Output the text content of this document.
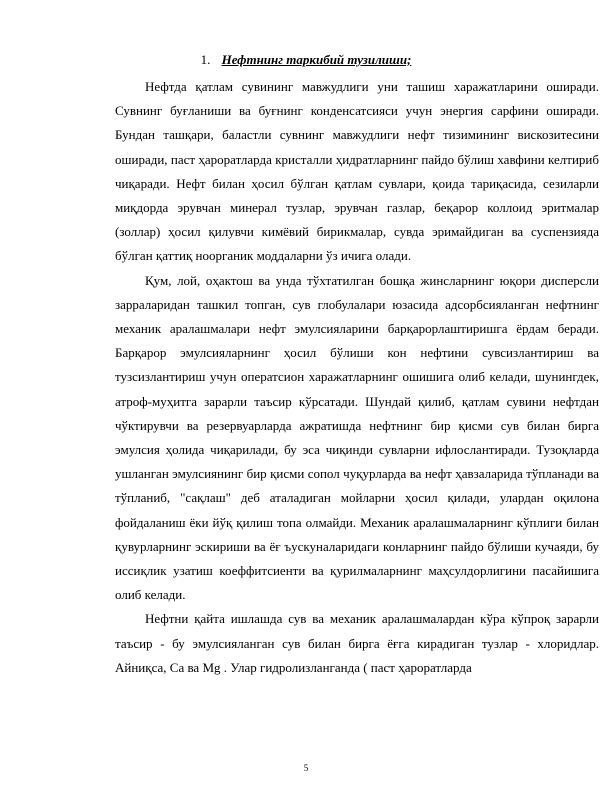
1. Нефтнинг таркибий тузилиши;

Нефтда қатлам сувининг мавжудлиги уни ташиш харажатларини оширади. Сувнинг буғланиши ва буғнинг конденсатсияси учун энергия сарфини оширади. Бундан ташқари, баластли сувнинг мавжудлиги нефт тизимининг вискозитесини оширади, паст ҳароратларда кристалли ҳидратларнинг пайдо бўлиш хавфини келтириб чиқаради. Нефт билан ҳосил бўлган қатлам сувлари, қоида тариқасида, сезиларли миқдорда эрувчан минерал тузлар, эрувчан газлар, беқарор коллоид эритмалар (золлар) ҳосил қилувчи кимёвий бирикмалар, сувда эримайдиган ва суспензияда бўлган қаттиқ ноорганик моддаларни ўз ичига олади.

Қум, лой, оҳактош ва унда тўхтатилган бошқа жинсларнинг юқори дисперсли зарраларидан ташкил топган, сув глобулалари юзасида адсорбсияланган нефтнинг механик аралашмалари нефт эмулсияларини барқарорлаштиришга ёрдам беради. Барқарор эмулсияларнинг ҳосил бўлиши кон нефтини сувсизлантириш ва тузсизлантириш учун оператсион харажатларнинг ошишига олиб келади, шунингдек, атроф-муҳитга зарарли таъсир кўрсатади. Шундай қилиб, қатлам сувини нефтдан чўктирувчи ва резервуарларда ажратишда нефтнинг бир қисми сув билан бирга эмулсия ҳолида чиқарилади, бу эса чиқинди сувларни ифлослантиради. Тузоқларда ушланган эмулсиянинг бир қисми сопол чуқурларда ва нефт ҳавзаларида тўпланади ва тўпланиб, "сақлаш" деб аталадиган мойларни ҳосил қилади, улардан оқилона фойдаланиш ёки йўқ қилиш топа олмайди. Механик аралашмаларнинг кўплиги билан қувурларнинг эскириши ва ёғ ъускуналаридаги конларнинг пайдо бўлиши кучаяди, бу иссиқлик узатиш коеффитсиенти ва қурилмаларнинг маҳсулдорлигини пасайишига олиб келади.

Нефтни қайта ишлашда сув ва механик аралашмалардан кўра кўпроқ зарарли таъсир - бу эмулсияланган сув билан бирга ёғга кирадиган тузлар - хлоридлар. Айниқса, Са ва Мg . Улар гидролизланганда ( паст ҳароратларда

5
